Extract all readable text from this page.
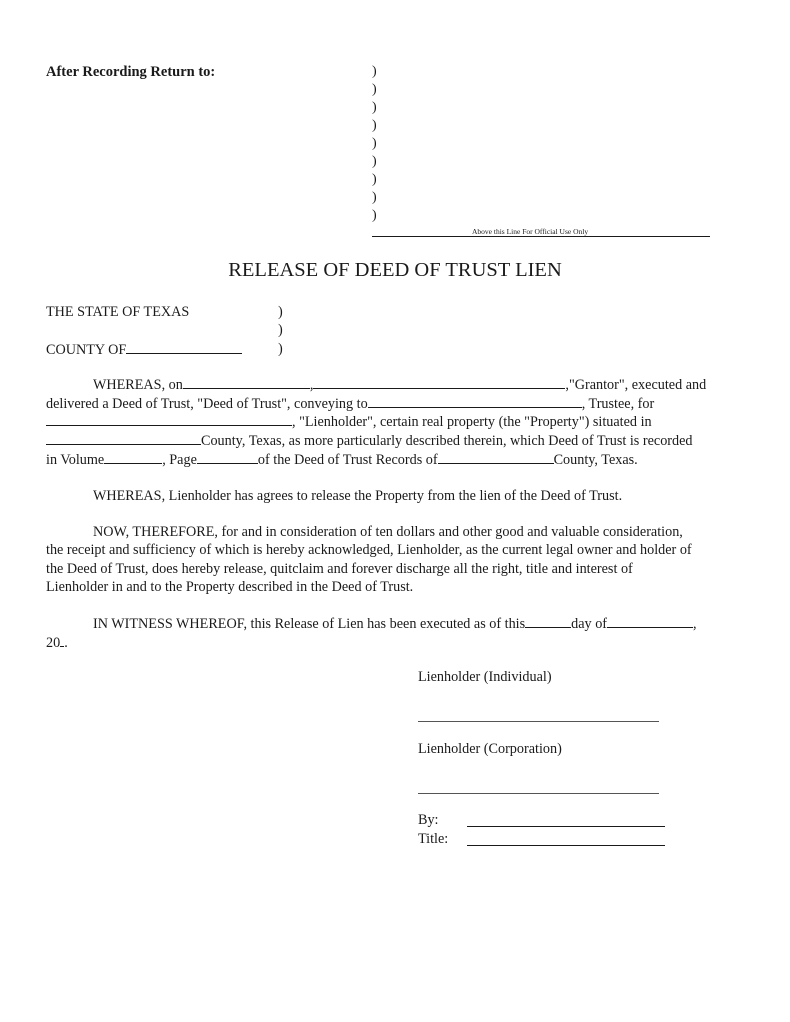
After Recording Return to:	)
)
)
)
)
)
)
)
)
Above this Line For Official Use Only
RELEASE OF DEED OF TRUST LIEN
THE STATE OF TEXAS	)
)
COUNTY OF	)
WHEREAS, on	,	,"Grantor", executed and
delivered a Deed of Trust, "Deed of Trust", conveying to	, Trustee, for
, "Lienholder", certain real property (the "Property") situated in
County, Texas, as more particularly described therein, which Deed of Trust is recorded
in Volume	, Page	of the Deed of Trust Records of	County, Texas.
WHEREAS, Lienholder has agrees to release the Property from the lien of the Deed of Trust.
NOW, THEREFORE, for and in consideration of ten dollars and other good and valuable consideration,
the receipt and sufficiency of which is hereby acknowledged, Lienholder, as the current legal owner and holder of
the Deed of Trust, does hereby release, quitclaim and forever discharge all the right, title and interest of
Lienholder in and to the Property described in the Deed of Trust.
IN WITNESS WHEREOF, this Release of Lien has been executed as of this	day of	,
20 .
Lienholder (Individual)
Lienholder (Corporation)
By:
Title:
